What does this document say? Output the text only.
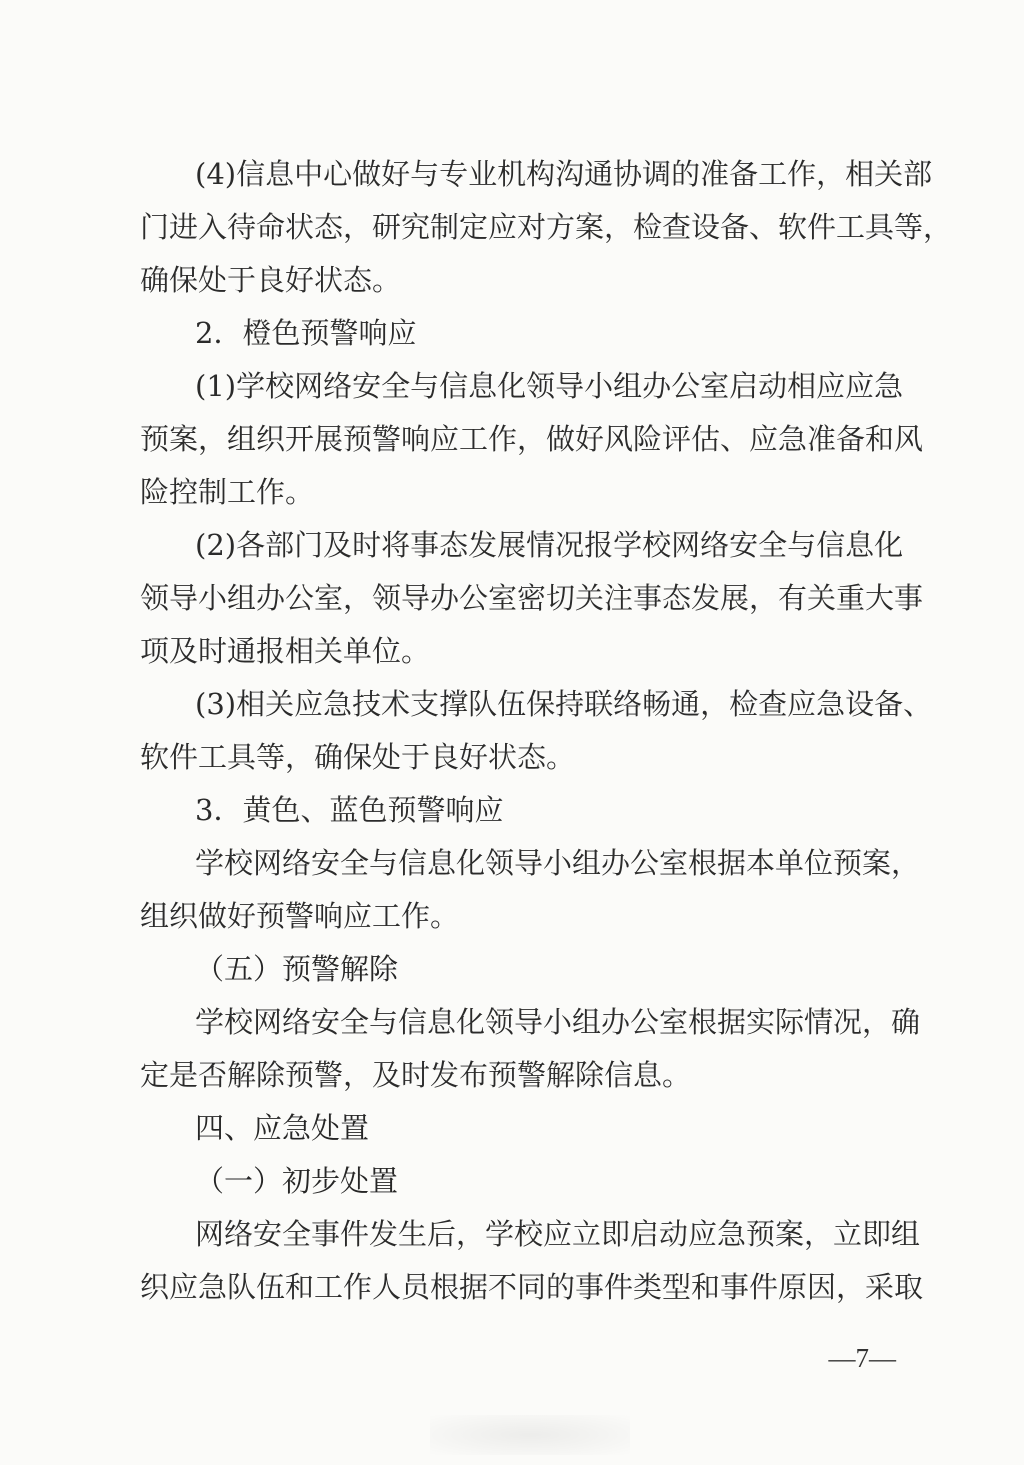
(4)信息中心做好与专业机构沟通协调的准备工作，相关部
门进入待命状态，研究制定应对方案，检查设备、软件工具等，
确保处于良好状态。
2．橙色预警响应
(1)学校网络安全与信息化领导小组办公室启动相应应急
预案，组织开展预警响应工作，做好风险评估、应急准备和风
险控制工作。
(2)各部门及时将事态发展情况报学校网络安全与信息化
领导小组办公室，领导办公室密切关注事态发展，有关重大事
项及时通报相关单位。
(3)相关应急技术支撑队伍保持联络畅通，检查应急设备、
软件工具等，确保处于良好状态。
3．黄色、蓝色预警响应
学校网络安全与信息化领导小组办公室根据本单位预案，
组织做好预警响应工作。
（五）预警解除
学校网络安全与信息化领导小组办公室根据实际情况，确
定是否解除预警，及时发布预警解除信息。
四、应急处置
（一）初步处置
网络安全事件发生后，学校应立即启动应急预案，立即组
织应急队伍和工作人员根据不同的事件类型和事件原因，采取
—7—
